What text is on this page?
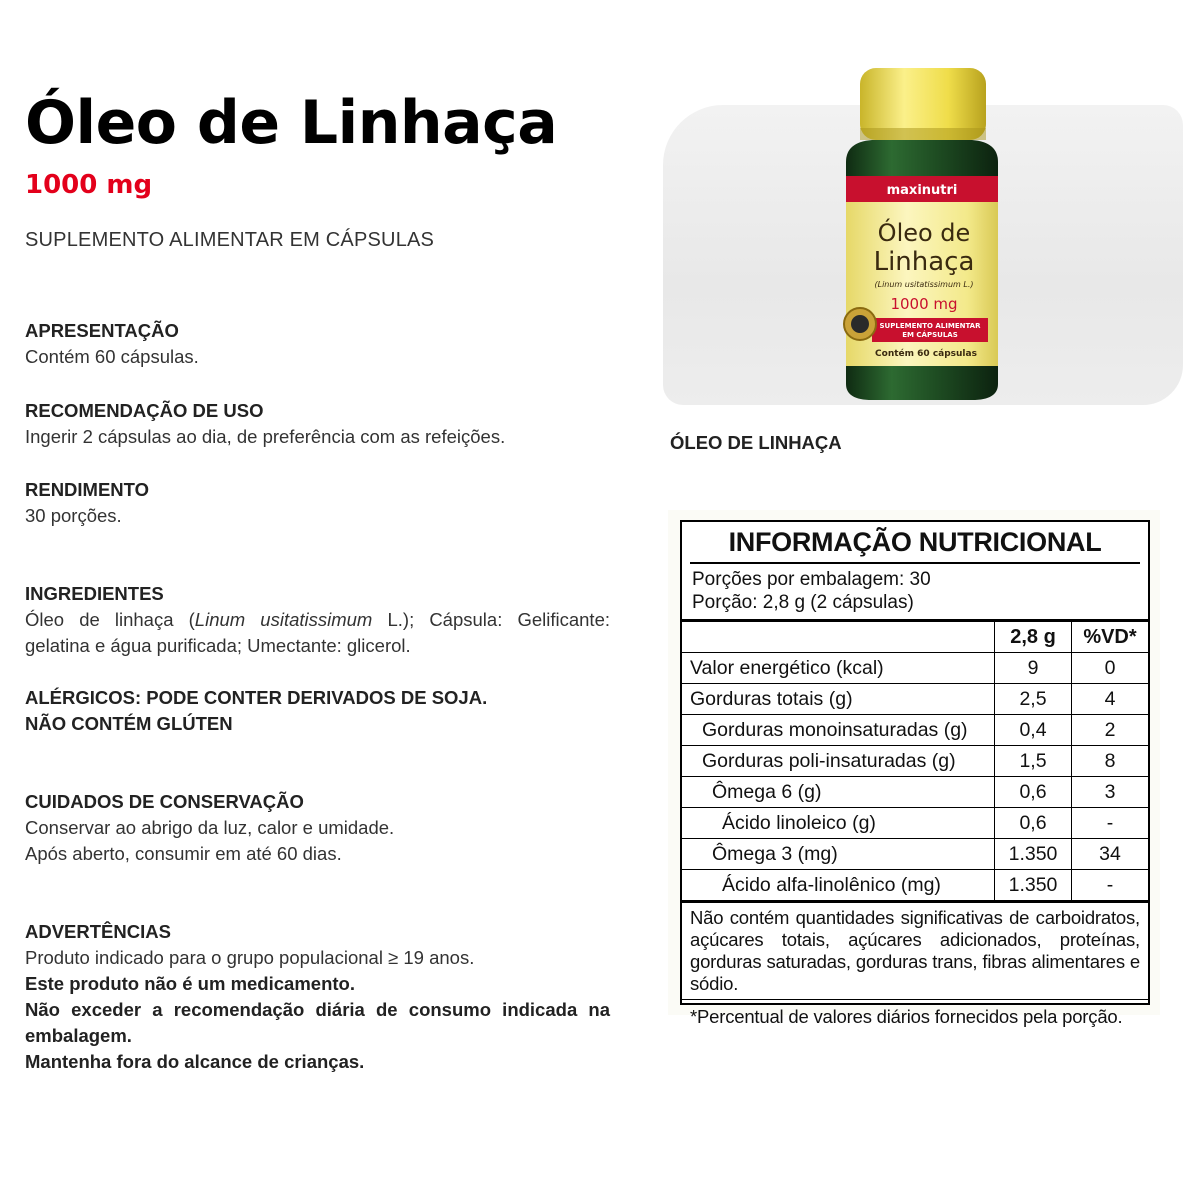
Óleo de Linhaça
1000 mg
SUPLEMENTO ALIMENTAR EM CÁPSULAS
APRESENTAÇÃO
Contém 60 cápsulas.
RECOMENDAÇÃO DE USO
Ingerir 2 cápsulas ao dia, de preferência com as refeições.
RENDIMENTO
30 porções.
INGREDIENTES
Óleo de linhaça (Linum usitatissimum L.); Cápsula: Gelificante: gelatina e água purificada; Umectante: glicerol.
ALÉRGICOS: PODE CONTER DERIVADOS DE SOJA.
NÃO CONTÉM GLÚTEN
CUIDADOS DE CONSERVAÇÃO
Conservar ao abrigo da luz, calor e umidade.
Após aberto, consumir em até 60 dias.
ADVERTÊNCIAS
Produto indicado para o grupo populacional ≥ 19 anos.
Este produto não é um medicamento.
Não exceder a recomendação diária de consumo indicada na embalagem.
Mantenha fora do alcance de crianças.
maxinutri
Óleo de
Linhaça
(Linum usitatissimum L.)
1000 mg
SUPLEMENTO ALIMENTAR
EM CÁPSULAS
Contém 60 cápsulas
ÓLEO DE LINHAÇA
INFORMAÇÃO NUTRICIONAL
Porções por embalagem: 30
Porção: 2,8 g (2 cápsulas)
	2,8 g	%VD*
Valor energético (kcal)	9	0
Gorduras totais (g)	2,5	4
Gorduras monoinsaturadas (g)	0,4	2
Gorduras poli-insaturadas (g)	1,5	8
Ômega 6 (g)	0,6	3
Ácido linoleico (g)	0,6	-
Ômega 3 (mg)	1.350	34
Ácido alfa-linolênico (mg)	1.350	-
Não contém quantidades significativas de carboidratos, açúcares totais, açúcares adicionados, proteínas, gorduras saturadas, gorduras trans, fibras alimentares e sódio.
*Percentual de valores diários fornecidos pela porção.
